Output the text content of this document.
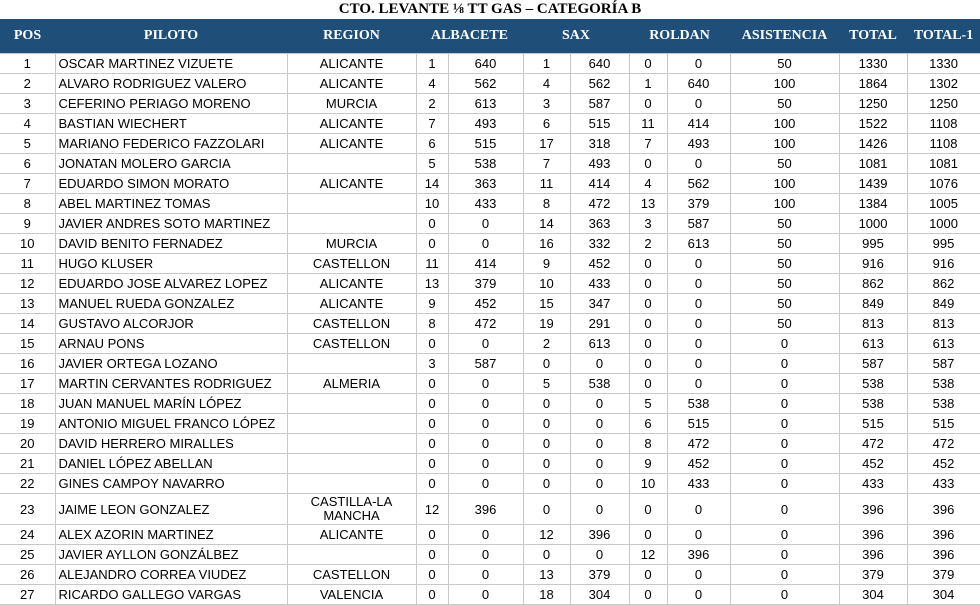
CTO. LEVANTE ⅛ TT GAS – CATEGORÍA B
POS	PILOTO	REGION	ALBACETE		SAX		ROLDAN		ASISTENCIA	TOTAL	TOTAL-1
1	OSCAR MARTINEZ VIZUETE	ALICANTE	1	640	1	640	0	0	50	1330	1330
2	ALVARO RODRIGUEZ VALERO	ALICANTE	4	562	4	562	1	640	100	1864	1302
3	CEFERINO PERIAGO MORENO	MURCIA	2	613	3	587	0	0	50	1250	1250
4	BASTIAN WIECHERT	ALICANTE	7	493	6	515	11	414	100	1522	1108
5	MARIANO FEDERICO FAZZOLARI	ALICANTE	6	515	17	318	7	493	100	1426	1108
6	JONATAN MOLERO GARCIA		5	538	7	493	0	0	50	1081	1081
7	EDUARDO SIMON MORATO	ALICANTE	14	363	11	414	4	562	100	1439	1076
8	ABEL MARTINEZ TOMAS		10	433	8	472	13	379	100	1384	1005
9	JAVIER ANDRES SOTO MARTINEZ		0	0	14	363	3	587	50	1000	1000
10	DAVID BENITO FERNADEZ	MURCIA	0	0	16	332	2	613	50	995	995
11	HUGO KLUSER	CASTELLON	11	414	9	452	0	0	50	916	916
12	EDUARDO JOSE ALVAREZ LOPEZ	ALICANTE	13	379	10	433	0	0	50	862	862
13	MANUEL RUEDA GONZALEZ	ALICANTE	9	452	15	347	0	0	50	849	849
14	GUSTAVO ALCORJOR	CASTELLON	8	472	19	291	0	0	50	813	813
15	ARNAU PONS	CASTELLON	0	0	2	613	0	0	0	613	613
16	JAVIER ORTEGA LOZANO		3	587	0	0	0	0	0	587	587
17	MARTIN CERVANTES RODRIGUEZ	ALMERIA	0	0	5	538	0	0	0	538	538
18	JUAN MANUEL MARÍN LÓPEZ		0	0	0	0	5	538	0	538	538
19	ANTONIO MIGUEL FRANCO LÓPEZ		0	0	0	0	6	515	0	515	515
20	DAVID HERRERO MIRALLES		0	0	0	0	8	472	0	472	472
21	DANIEL LÓPEZ ABELLAN		0	0	0	0	9	452	0	452	452
22	GINES CAMPOY NAVARRO		0	0	0	0	10	433	0	433	433
23	JAIME LEON GONZALEZ	CASTILLA-LA MANCHA	12	396	0	0	0	0	0	396	396
24	ALEX AZORIN MARTINEZ	ALICANTE	0	0	12	396	0	0	0	396	396
25	JAVIER AYLLON GONZÁLBEZ		0	0	0	0	12	396	0	396	396
26	ALEJANDRO CORREA VIUDEZ	CASTELLON	0	0	13	379	0	0	0	379	379
27	RICARDO GALLEGO VARGAS	VALENCIA	0	0	18	304	0	0	0	304	304
